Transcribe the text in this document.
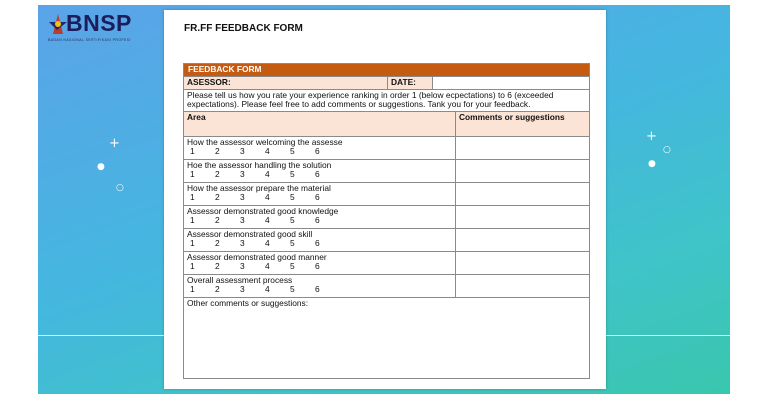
BNSP
BADAN NASIONAL SERTIFIKASI PROFESI
+
●
○
+
○
●
FR.FF FEEDBACK FORM
FEEDBACK FORM
ASESSOR:	DATE:
Please tell us how you rate your experience ranking in order 1 (below ecpectations) to 6 (exceeded expectations). Please feel free to add comments or suggestions. Tank you for your feedback.
Area	Comments or suggestions
How the assessor welcoming the assesse
1	2	3	4	5	6
Hoe the assessor handling the solution
1	2	3	4	5	6
How the assessor prepare the material
1	2	3	4	5	6
Assessor demonstrated good knowledge
1	2	3	4	5	6
Assessor demonstrated good skill
1	2	3	4	5	6
Assessor demonstrated good manner
1	2	3	4	5	6
Overall assessment process
1	2	3	4	5	6
Other comments or suggestions:
